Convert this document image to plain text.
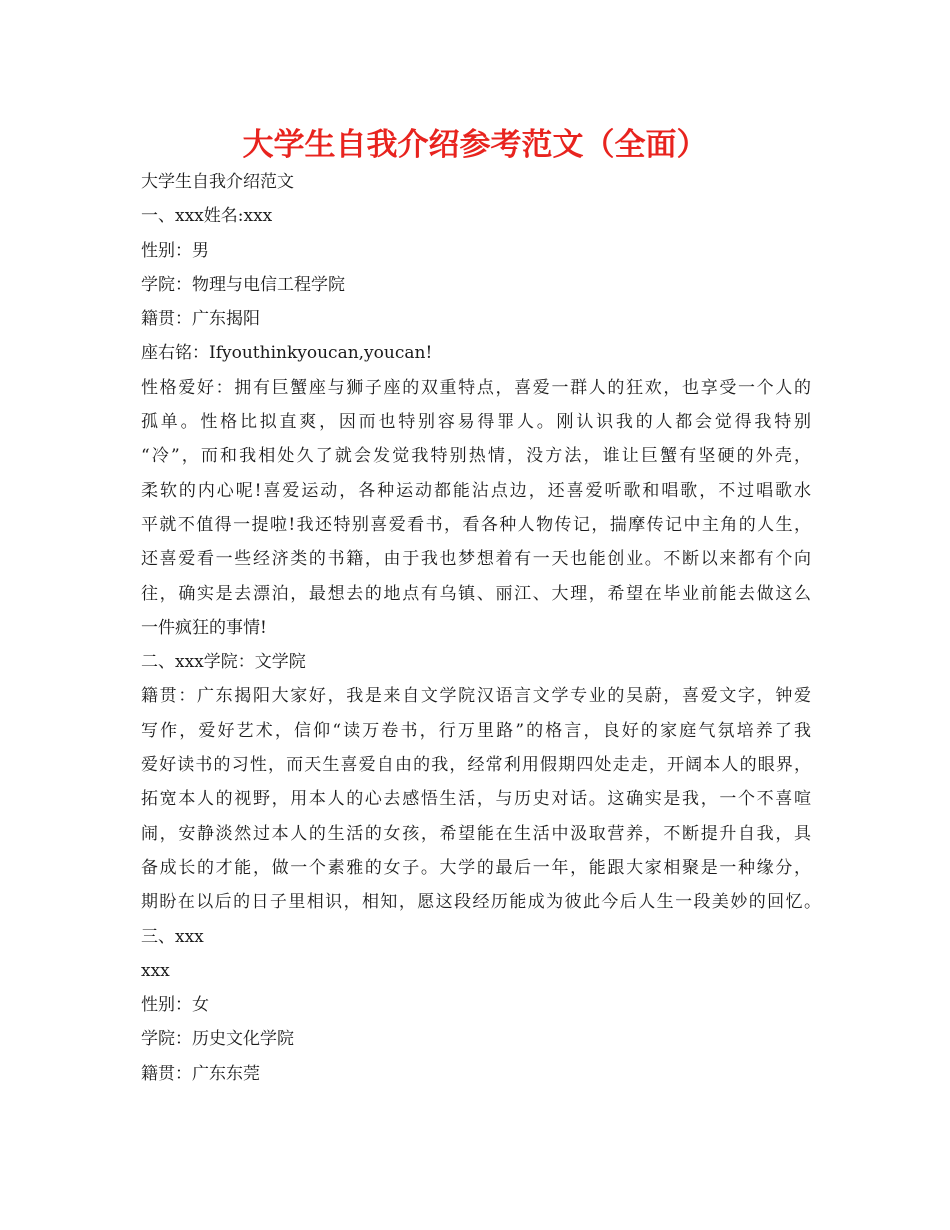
大学生自我介绍参考范文（全面）
大学生自我介绍范文
一、xxx姓名:xxx
性别：男
学院：物理与电信工程学院
籍贯：广东揭阳
座右铭：Ifyouthinkyoucan,youcan!
性格爱好：拥有巨蟹座与狮子座的双重特点，喜爱一群人的狂欢，也享受一个人的
孤单。性格比拟直爽，因而也特别容易得罪人。刚认识我的人都会觉得我特别
“冷”，而和我相处久了就会发觉我特别热情，没方法，谁让巨蟹有坚硬的外壳，
柔软的内心呢!喜爱运动，各种运动都能沾点边，还喜爱听歌和唱歌，不过唱歌水
平就不值得一提啦!我还特别喜爱看书，看各种人物传记，揣摩传记中主角的人生，
还喜爱看一些经济类的书籍，由于我也梦想着有一天也能创业。不断以来都有个向
往，确实是去漂泊，最想去的地点有乌镇、丽江、大理，希望在毕业前能去做这么
一件疯狂的事情!
二、xxx学院：文学院
籍贯：广东揭阳大家好，我是来自文学院汉语言文学专业的吴蔚，喜爱文字，钟爱
写作，爱好艺术，信仰“读万卷书，行万里路”的格言，良好的家庭气氛培养了我
爱好读书的习性，而天生喜爱自由的我，经常利用假期四处走走，开阔本人的眼界，
拓宽本人的视野，用本人的心去感悟生活，与历史对话。这确实是我，一个不喜喧
闹，安静淡然过本人的生活的女孩，希望能在生活中汲取营养，不断提升自我，具
备成长的才能，做一个素雅的女子。大学的最后一年，能跟大家相聚是一种缘分，
期盼在以后的日子里相识，相知，愿这段经历能成为彼此今后人生一段美妙的回忆。
三、xxx
xxx
性别：女
学院：历史文化学院
籍贯：广东东莞
